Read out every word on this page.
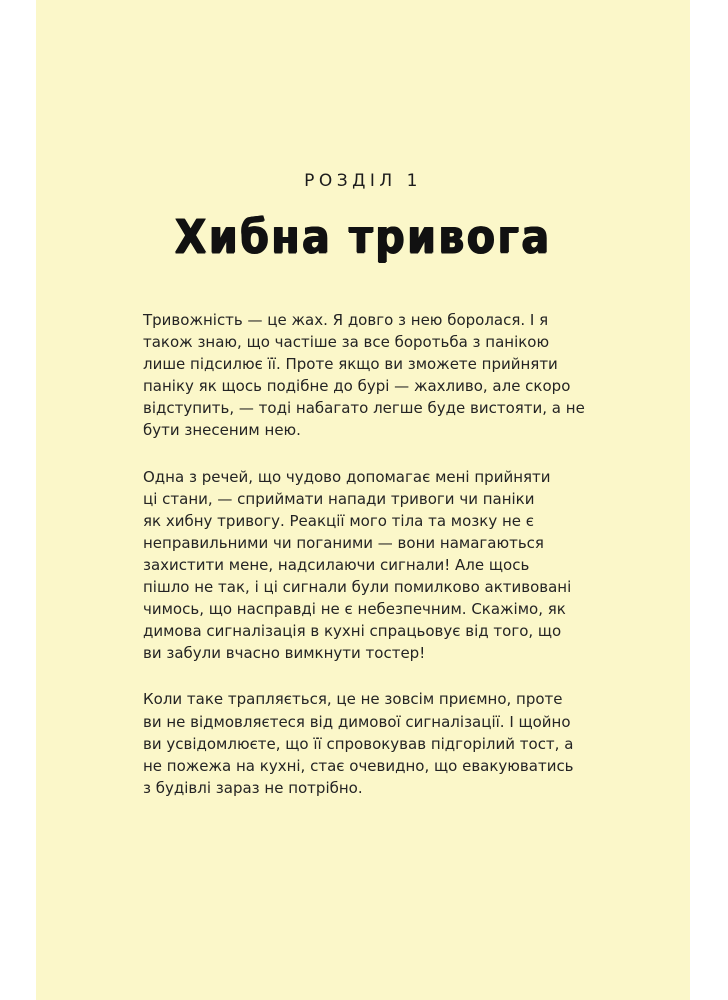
РОЗДІЛ 1
Хибна тривога

Тривожність — це жах. Я довго з нею боролася. І я
також знаю, що частіше за все боротьба з панікою
лише підсилює її. Проте якщо ви зможете прийняти
паніку як щось подібне до бурі — жахливо, але скоро
відступить, — тоді набагато легше буде вистояти, а не
бути знесеним нею.

Одна з речей, що чудово допомагає мені прийняти
ці стани, — сприймати напади тривоги чи паніки
як хибну тривогу. Реакції мого тіла та мозку не є
неправильними чи поганими — вони намагаються
захистити мене, надсилаючи сигнали! Але щось
пішло не так, і ці сигнали були помилково активовані
чимось, що насправді не є небезпечним. Скажімо, як
димова сигналізація в кухні спрацьовує від того, що
ви забули вчасно вимкнути тостер!

Коли таке трапляється, це не зовсім приємно, проте
ви не відмовляєтеся від димової сигналізації. І щойно
ви усвідомлюєте, що її спровокував підгорілий тост, а
не пожежа на кухні, стає очевидно, що евакуюватись
з будівлі зараз не потрібно.
